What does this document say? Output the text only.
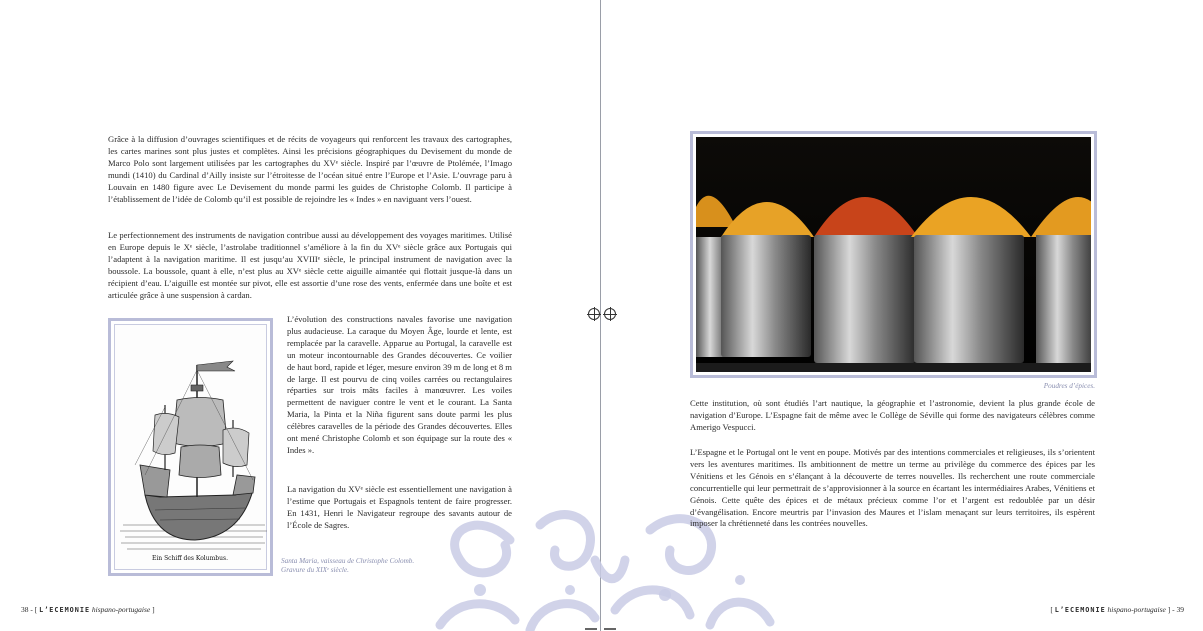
Grâce à la diffusion d’ouvrages scientifiques et de récits de voyageurs qui renforcent les travaux des cartographes, les cartes marines sont plus justes et complètes. Ainsi les précisions géographiques du Devisement du monde de Marco Polo sont largement utilisées par les cartographes du XVᵉ siècle. Inspiré par l’œuvre de Ptolémée, l’Imago mundi (1410) du Cardinal d’Ailly insiste sur l’étroitesse de l’océan situé entre l’Europe et l’Asie. L’ouvrage paru à Louvain en 1480 figure avec Le Devisement du monde parmi les guides de Christophe Colomb. Il participe à l’établissement de l’idée de Colomb qu’il est possible de rejoindre les « Indes » en naviguant vers l’ouest.
Le perfectionnement des instruments de navigation contribue aussi au développement des voyages maritimes. Utilisé en Europe depuis le Xᵉ siècle, l’astrolabe traditionnel s’améliore à la fin du XVᵉ siècle grâce aux Portugais qui l’adaptent à la navigation maritime. Il est jusqu’au XVIIIᵉ siècle, le principal instrument de navigation avec la boussole. La boussole, quant à elle, n’est plus au XVᵉ siècle cette aiguille aimantée qui flottait jusque-là dans un récipient d’eau. L’aiguille est montée sur pivot, elle est assortie d’une rose des vents, enfermée dans une boîte et est articulée grâce à une suspension à cardan.
L’évolution des constructions navales favorise une navigation plus audacieuse. La caraque du Moyen Âge, lourde et lente, est remplacée par la caravelle. Apparue au Portugal, la caravelle est un moteur incontournable des Grandes découvertes. Ce voilier de haut bord, rapide et léger, mesure environ 39 m de long et 8 m de large. Il est pourvu de cinq voiles carrées ou rectangulaires réparties sur trois mâts faciles à manœuvrer. Les voiles permettent de naviguer contre le vent et le courant. La Santa Maria, la Pinta et la Niña figurent sans doute parmi les plus célèbres caravelles de la période des Grandes découvertes. Elles ont mené Christophe Colomb et son équipage sur la route des « Indes ».
La navigation du XVᵉ siècle est essentiellement une navigation à l’estime que Portugais et Espagnols tentent de faire progresser. En 1431, Henri le Navigateur regroupe des savants autour de l’École de Sagres.
Ein Schiff des Kolumbus.	Santa Maria, vaisseau de Christophe Colomb.
Gravure du XIXᵉ siècle.
38 - [ L’ECEMONIE hispano-portugaise ]
Poudres d’épices.
Cette institution, où sont étudiés l’art nautique, la géographie et l’astronomie, devient la plus grande école de navigation d’Europe. L’Espagne fait de même avec le Collège de Séville qui forme des navigateurs célèbres comme Amerigo Vespucci.
L’Espagne et le Portugal ont le vent en poupe. Motivés par des intentions commerciales et religieuses, ils s’orientent vers les aventures maritimes. Ils ambitionnent de mettre un terme au privilège du commerce des épices par les Vénitiens et les Génois en s’élançant à la découverte de terres nouvelles. Ils recherchent une route commerciale concurrentielle qui leur permettrait de s’approvisionner à la source en écartant les intermédiaires Arabes, Vénitiens et Génois. Cette quête des épices et de métaux précieux comme l’or et l’argent est redoublée par un désir d’évangélisation. Encore meurtris par l’invasion des Maures et l’islam menaçant sur leurs territoires, ils espèrent imposer la chrétienneté dans les contrées nouvelles.
[ L’ECEMONIE hispano-portugaise ] - 39
